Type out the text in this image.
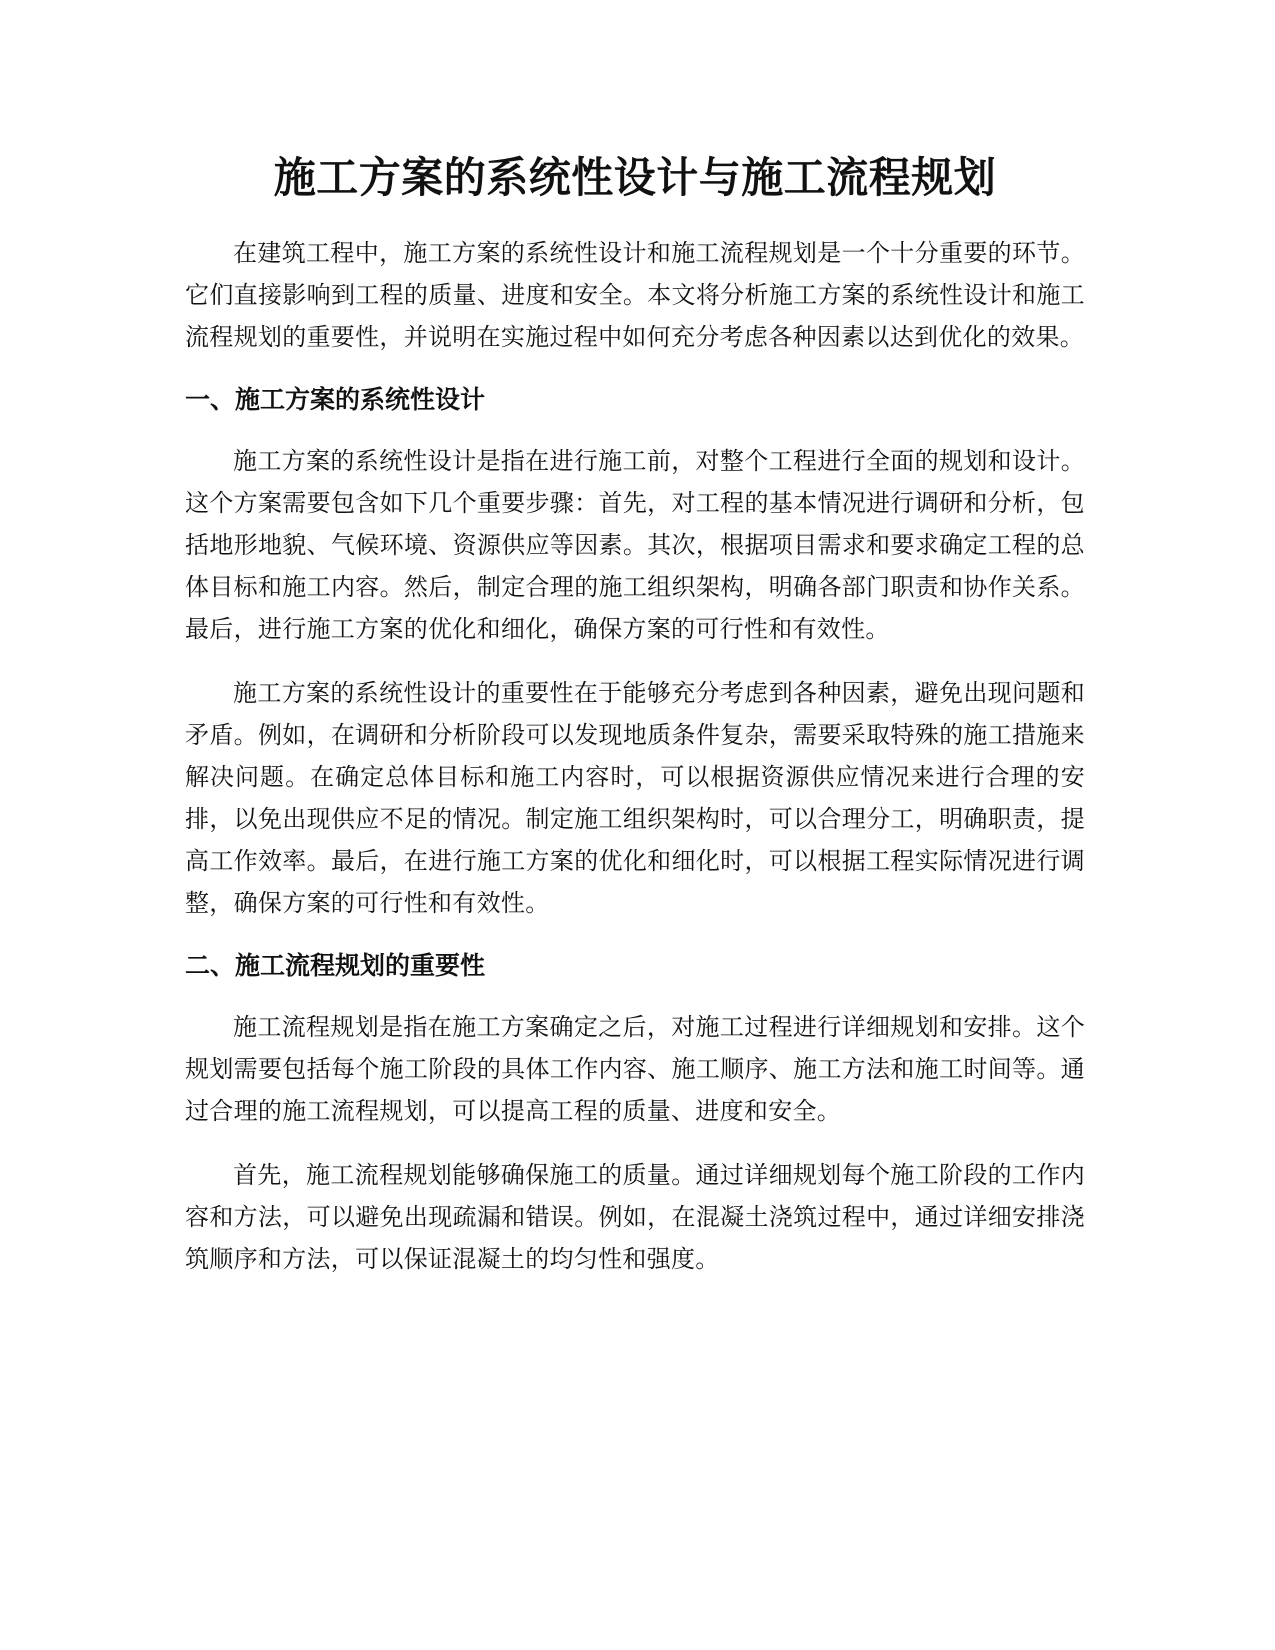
施工方案的系统性设计与施工流程规划

在建筑工程中，施工方案的系统性设计和施工流程规划是一个十分重要的环节。它们直接影响到工程的质量、进度和安全。本文将分析施工方案的系统性设计和施工流程规划的重要性，并说明在实施过程中如何充分考虑各种因素以达到优化的效果。

一、施工方案的系统性设计

施工方案的系统性设计是指在进行施工前，对整个工程进行全面的规划和设计。这个方案需要包含如下几个重要步骤：首先，对工程的基本情况进行调研和分析，包括地形地貌、气候环境、资源供应等因素。其次，根据项目需求和要求确定工程的总体目标和施工内容。然后，制定合理的施工组织架构，明确各部门职责和协作关系。最后，进行施工方案的优化和细化，确保方案的可行性和有效性。

施工方案的系统性设计的重要性在于能够充分考虑到各种因素，避免出现问题和矛盾。例如，在调研和分析阶段可以发现地质条件复杂，需要采取特殊的施工措施来解决问题。在确定总体目标和施工内容时，可以根据资源供应情况来进行合理的安排，以免出现供应不足的情况。制定施工组织架构时，可以合理分工，明确职责，提高工作效率。最后，在进行施工方案的优化和细化时，可以根据工程实际情况进行调整，确保方案的可行性和有效性。

二、施工流程规划的重要性

施工流程规划是指在施工方案确定之后，对施工过程进行详细规划和安排。这个规划需要包括每个施工阶段的具体工作内容、施工顺序、施工方法和施工时间等。通过合理的施工流程规划，可以提高工程的质量、进度和安全。

首先，施工流程规划能够确保施工的质量。通过详细规划每个施工阶段的工作内容和方法，可以避免出现疏漏和错误。例如，在混凝土浇筑过程中，通过详细安排浇筑顺序和方法，可以保证混凝土的均匀性和强度。
